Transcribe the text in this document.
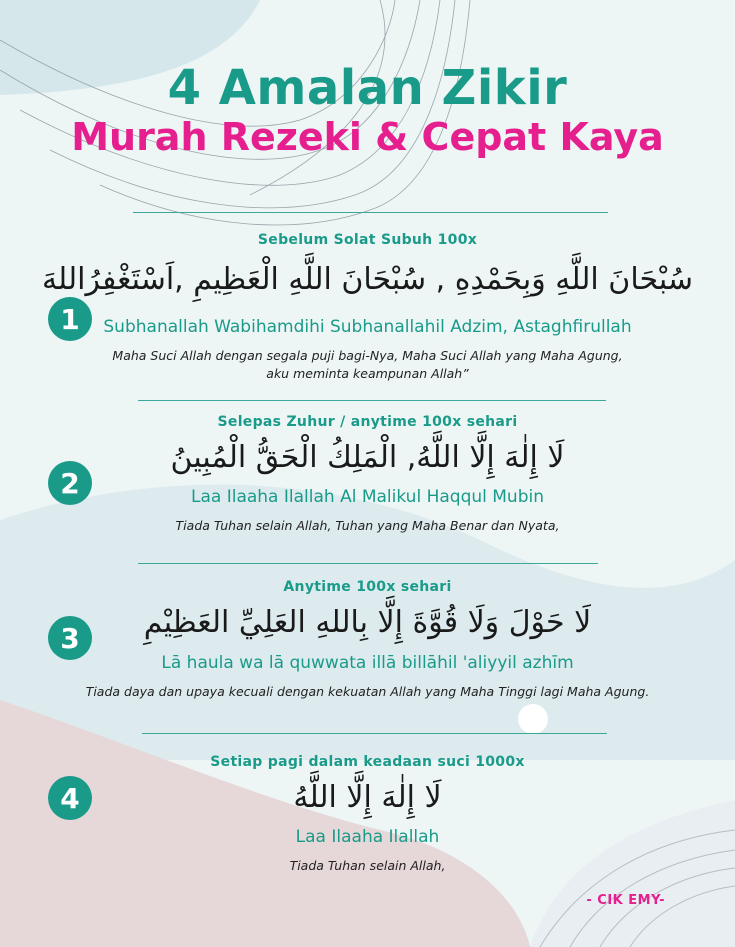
4 Amalan Zikir
Murah Rezeki & Cepat Kaya
Sebelum Solat Subuh 100x
1
سُبْحَانَ اللَّهِ وَبِحَمْدِهِ , سُبْحَانَ اللَّهِ الْعَظِيمِ ,اَسْتَغْفِرُاللهَ
Subhanallah Wabihamdihi Subhanallahil Adzim, Astaghfirullah
Maha Suci Allah dengan segala puji bagi-Nya, Maha Suci Allah yang Maha Agung,
aku meminta keampunan Allah”
Selepas Zuhur / anytime 100x sehari
2
لَا إِلٰهَ إِلَّا اللَّهُ, الْمَلِكُ الْحَقُّ الْمُبِينُ
Laa Ilaaha Ilallah Al Malikul Haqqul Mubin
Tiada Tuhan selain Allah, Tuhan yang Maha Benar dan Nyata,
Anytime 100x sehari
3	لَا حَوْلَ وَلَا قُوَّةَ إِلَّا بِاللهِ العَلِيِّ العَظِيْمِ
Lā haula wa lā quwwata illā billāhil 'aliyyil azhīm
Tiada daya dan upaya kecuali dengan kekuatan Allah yang Maha Tinggi lagi Maha Agung.
Setiap pagi dalam keadaan suci 1000x
4	لَا إِلٰهَ إِلَّا اللَّهُ
Laa Ilaaha Ilallah
Tiada Tuhan selain Allah,
- CIK EMY-
